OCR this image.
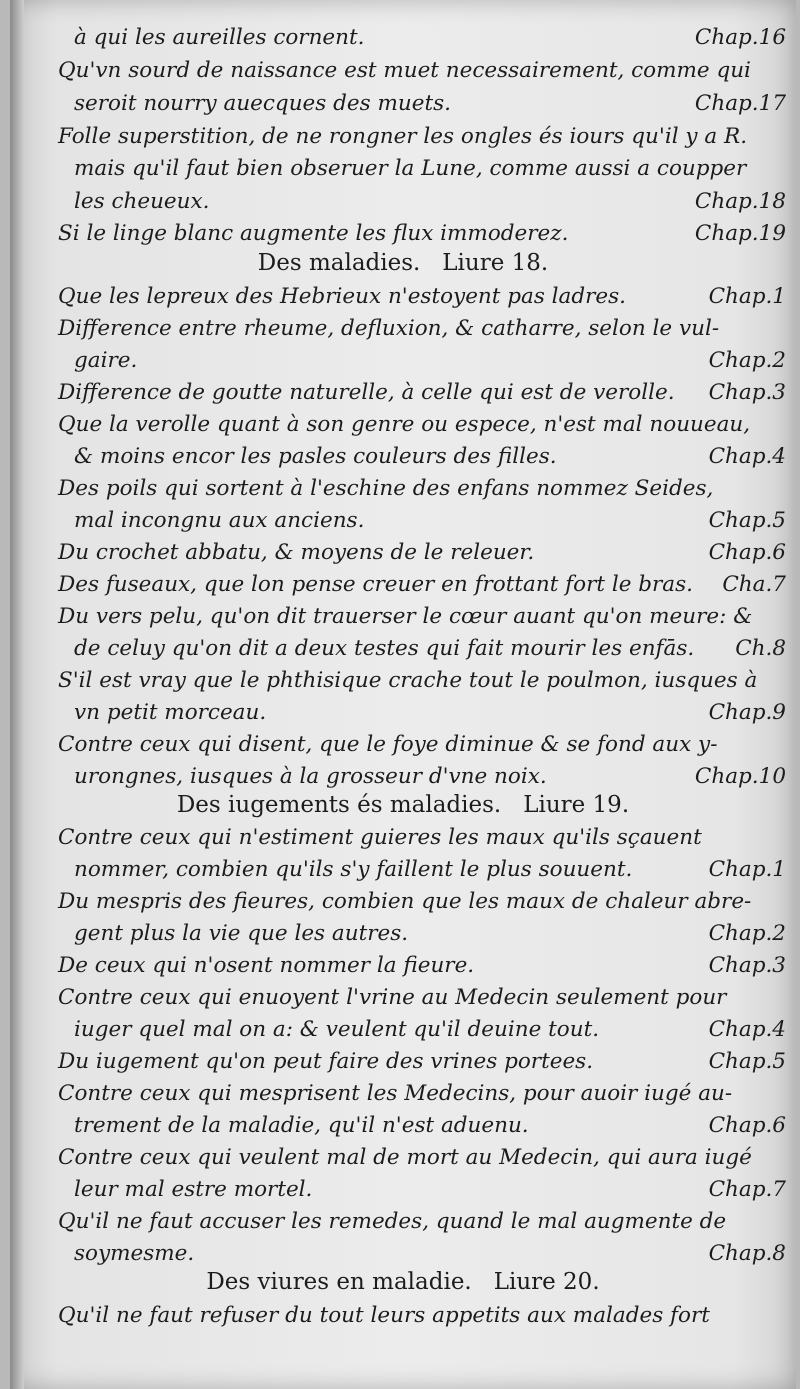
à qui les aureilles cornent.	Chap.16
Qu'vn sourd de naissance est muet necessairement, comme qui
seroit nourry auecques des muets.	Chap.17
Folle superstition, de ne rongner les ongles és iours qu'il y a R.
mais qu'il faut bien obseruer la Lune, comme aussi a coupper
les cheueux.	Chap.18
Si le linge blanc augmente les flux immoderez.	Chap.19
Des maladies. Liure 18.
Que les lepreux des Hebrieux n'estoyent pas ladres.	Chap.1
Difference entre rheume, defluxion, & catharre, selon le vul-
gaire.	Chap.2
Difference de goutte naturelle, à celle qui est de verolle.	Chap.3
Que la verolle quant à son genre ou espece, n'est mal nouueau,
& moins encor les pasles couleurs des filles.	Chap.4
Des poils qui sortent à l'eschine des enfans nommez Seides,
mal incongnu aux anciens.	Chap.5
Du crochet abbatu, & moyens de le releuer.	Chap.6
Des fuseaux, que lon pense creuer en frottant fort le bras. Cha.7
Du vers pelu, qu'on dit trauerser le cœur auant qu'on meure: &
de celuy qu'on dit a deux testes qui fait mourir les enfās. Ch.8
S'il est vray que le phthisique crache tout le poulmon, iusques à
vn petit morceau.	Chap.9
Contre ceux qui disent, que le foye diminue & se fond aux y-
urongnes, iusques à la grosseur d'vne noix.	Chap.10
Des iugements és maladies. Liure 19.
Contre ceux qui n'estiment guieres les maux qu'ils sçauent
nommer, combien qu'ils s'y faillent le plus souuent.	Chap.1
Du mespris des fieures, combien que les maux de chaleur abre-
gent plus la vie que les autres.	Chap.2
De ceux qui n'osent nommer la fieure.	Chap.3
Contre ceux qui enuoyent l'vrine au Medecin seulement pour
iuger quel mal on a: & veulent qu'il deuine tout.	Chap.4
Du iugement qu'on peut faire des vrines portees.	Chap.5
Contre ceux qui mesprisent les Medecins, pour auoir iugé au-
trement de la maladie, qu'il n'est aduenu.	Chap.6
Contre ceux qui veulent mal de mort au Medecin, qui aura iugé
leur mal estre mortel.	Chap.7
Qu'il ne faut accuser les remedes, quand le mal augmente de
soymesme.	Chap.8
Des viures en maladie. Liure 20.
Qu'il ne faut refuser du tout leurs appetits aux malades fort
